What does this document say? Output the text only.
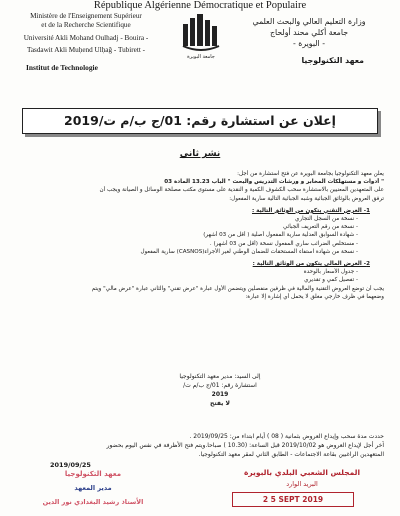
République Algérienne Démocratique et Populaire
Ministère de l'Enseignement Supérieur
et de la Recherche Scientifique
Université Akli Mohand Oulhadj - Bouira -
Tasdawit Akli Muḥend Ulḥağ - Tubirett -
Institut de Technologie
جامعة البويرة
وزارة التعليم العالي والبحث العلمي
جامعة أكلي محند أولحاج
- البويرة -
معهد التكنولوجيا
إعلان عن استشارة رقم: 01/ج ب/م ت/2019
نشر ثاني

يعلن معهد التكنولوجيا بجامعة البويرة عن فتح استشارة من أجل:

" أدوات و مستهلكات المخابر و ورشات التدريس والبحث " الباب 13.23 المادة 03

على المتعهدين المعنيين بالاستشارة سحب الكشوف الكمية و النقدية على مستوى مكتب مصلحة الوسائل و الصيانة ويجب أن

ترفق العروض بالوثائق الجبائية وشبه الجبائية التالية سارية المفعول:

1- العرض التقني يتكون من الوثائق التالية :

- نسخة من السجل التجاري

- نسخة من رقم التعريف الجبائي

- شهادة السوابق العدلية سارية المفعول أصلية ( أقل من 03 أشهر)

- مستخلص الضرائب ساري المفعول نسخة (أقل من 03 أشهر) .

- نسخة من شهادة استفاء المستحقات للضمان الوطني لغير الأجراء(CASNOS) سارية المفعول

2- العرض المالي يتكون من الوثائق التالية :

- جدول الأسعار بالوحدة

- تفصيل كمي و تقديري

يجب أن توضع العروض التقنية والمالية في ظرفين منفصلين ويتضمن الأول عبارة "عرض تقني" والثاني عبارة "عرض مالي" ويتم

وضعهما في ظرف خارجي مغلق لا يحمل أي إشارة إلا عبارة:

إلى السيد: مدير معهد التكنولوجيا

استشارة رقم: 01/ج ب/م ت/

2019

لا يفتح

حددت مدة سحب وإيداع العروض بثمانية ( 08 ) أيام ابتداء من: 2019/09/25 .

آخر أجل لإيداع العروض هو 2019/10/02 قبل الساعة: (10.30 ) صباحا.ويتم فتح الأظرفة في نفس اليوم بحضور

المتعهدين الراغبين بقاعة الاجتماعات - الطابق الثاني لمقر معهد التكنولوجيا.

2019/09/25
معهد التكنولوجيا
مدير المعهد
الأستاذ رشيد البغدادي نور الدين
المجلس الشعبي البلدي بالبويرة
البريد الوارد
2 5 SEPT 2019
